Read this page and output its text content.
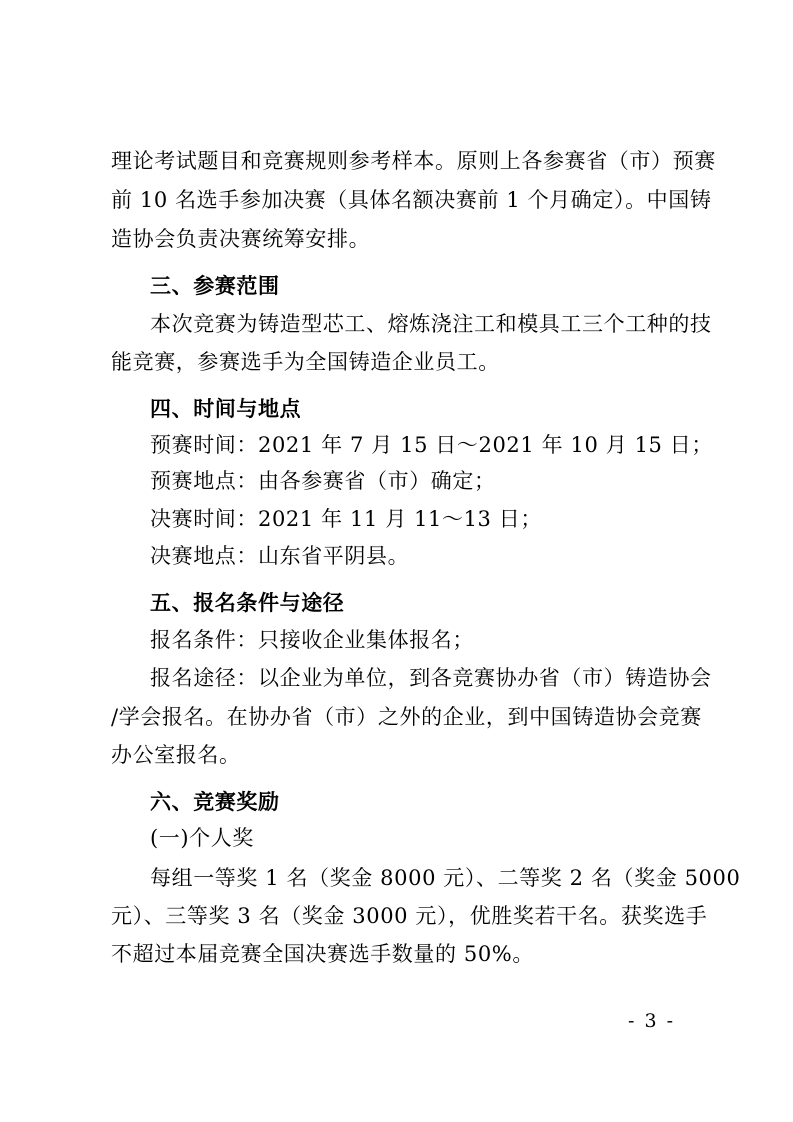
理论考试题目和竞赛规则参考样本。原则上各参赛省（市）预赛
前 10 名选手参加决赛（具体名额决赛前 1 个月确定）。中国铸
造协会负责决赛统筹安排。
三、参赛范围
本次竞赛为铸造型芯工、熔炼浇注工和模具工三个工种的技
能竞赛，参赛选手为全国铸造企业员工。
四、时间与地点
预赛时间：2021 年 7 月 15 日～2021 年 10 月 15 日；
预赛地点：由各参赛省（市）确定；
决赛时间：2021 年 11 月 11～13 日；
决赛地点：山东省平阴县。
五、报名条件与途径
报名条件：只接收企业集体报名；
报名途径：以企业为单位，到各竞赛协办省（市）铸造协会
/学会报名。在协办省（市）之外的企业，到中国铸造协会竞赛
办公室报名。
六、竞赛奖励
(一)个人奖
每组一等奖 1 名（奖金 8000 元）、二等奖 2 名（奖金 5000
元）、三等奖 3 名（奖金 3000 元），优胜奖若干名。获奖选手
不超过本届竞赛全国决赛选手数量的 50%。
- 3 -
